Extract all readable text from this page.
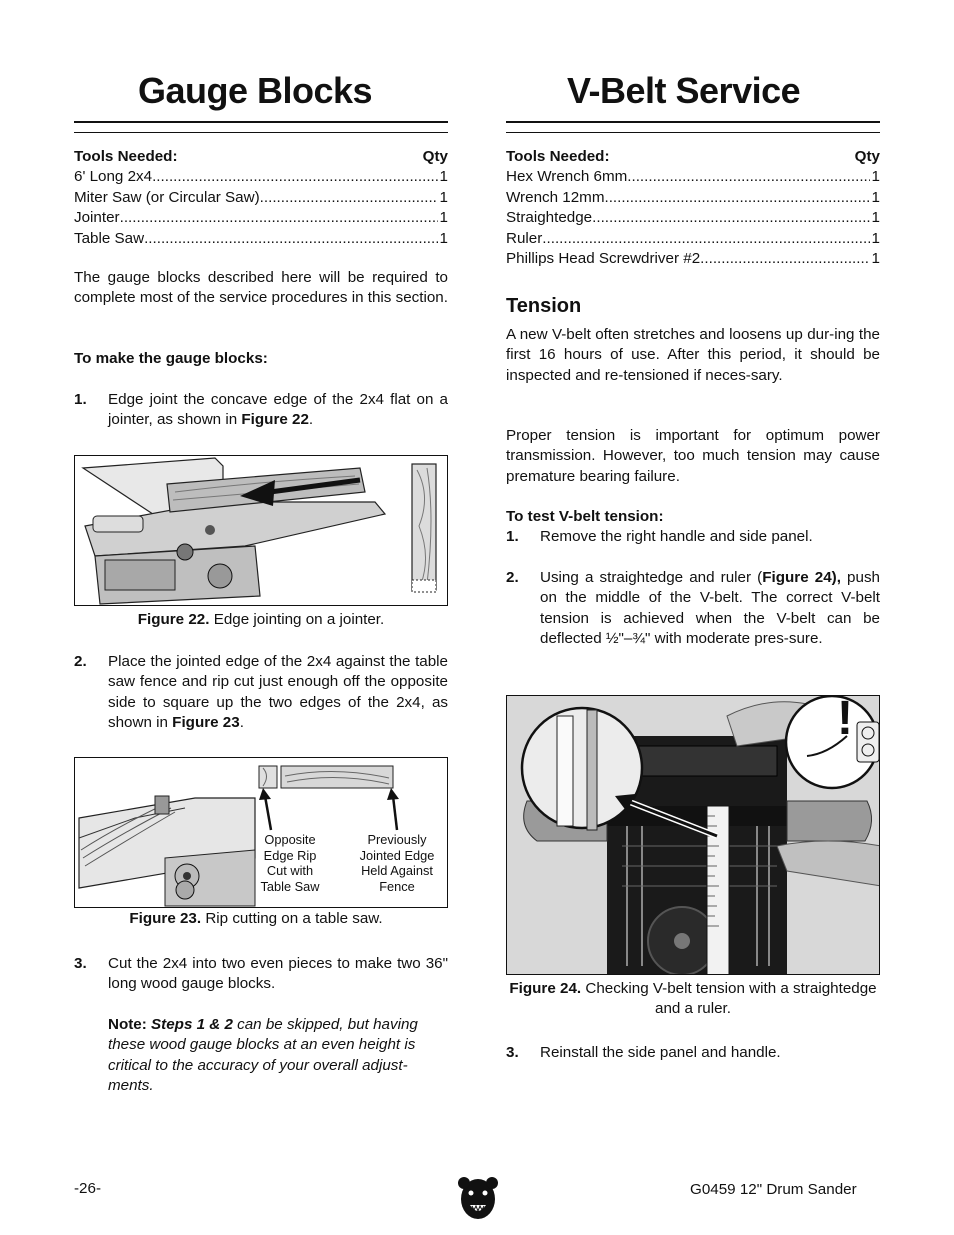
Gauge Blocks
Tools Needed:	Qty
6' Long 2x4 .....	1
Miter Saw (or Circular Saw) .....	1
Jointer .....	1
Table Saw .....	1
The gauge blocks described here will be required to complete most of the service procedures in this section.
To make the gauge blocks:
1.	Edge joint the concave edge of the 2x4 flat on a jointer, as shown in Figure 22.
Figure 22. Edge jointing on a jointer.
2.	Place the jointed edge of the 2x4 against the table saw fence and rip cut just enough off the opposite side to square up the two edges of the 2x4, as shown in Figure 23.
Opposite
Edge Rip
Cut with
Table Saw
Previously
Jointed Edge
Held Against
Fence
Figure 23. Rip cutting on a table saw.
3.	Cut the 2x4 into two even pieces to make two 36" long wood gauge blocks.
Note: Steps 1 & 2 can be skipped, but having these wood gauge blocks at an even height is critical to the accuracy of your overall adjust-ments.
V-Belt Service
Tools Needed:	Qty
Hex Wrench 6mm .....	1
Wrench 12mm .....	1
Straightedge .....	1
Ruler .....	1
Phillips Head Screwdriver #2 .....	1
Tension
A new V-belt often stretches and loosens up dur-ing the first 16 hours of use. After this period, it should be inspected and re-tensioned if neces-sary.
Proper tension is important for optimum power transmission. However, too much tension may cause premature bearing failure.
To test V-belt tension:
1.	Remove the right handle and side panel.
2.	Using a straightedge and ruler (Figure 24), push on the middle of the V-belt. The correct V-belt tension is achieved when the V-belt can be deflected ½"–¾" with moderate pres-sure.
!
Figure 24. Checking V-belt tension with a straightedge and a ruler.
3.	Reinstall the side panel and handle.
-26-	G0459 12" Drum Sander
